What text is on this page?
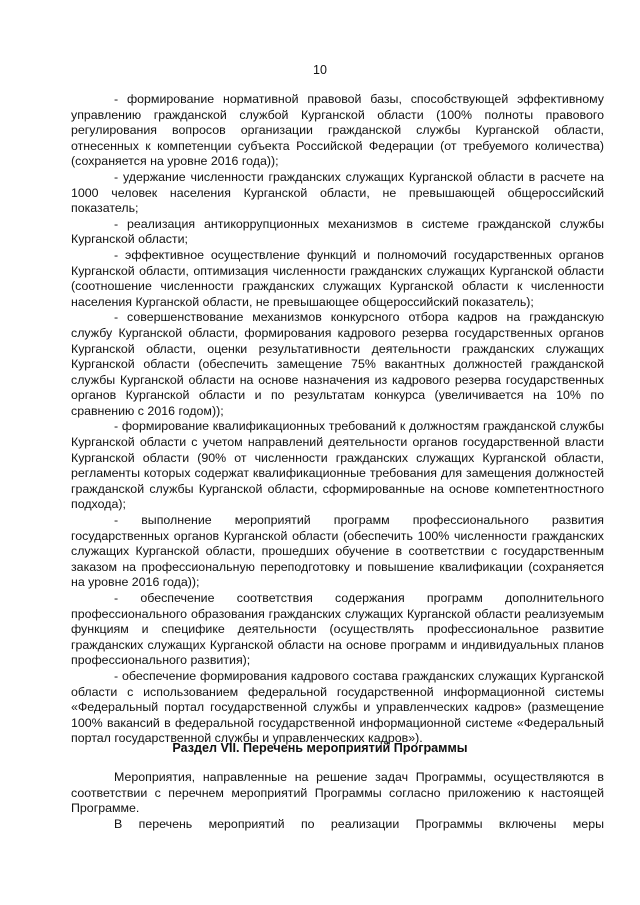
10

- формирование нормативной правовой базы, способствующей эффективному управлению гражданской службой Курганской области (100% полноты правового регулирования вопросов организации гражданской службы Курганской области, отнесенных к компетенции субъекта Российской Федерации (от требуемого количества) (сохраняется на уровне 2016 года));

- удержание численности гражданских служащих Курганской области в расчете на 1000 человек населения Курганской области, не превышающей общероссийский показатель;

- реализация антикоррупционных механизмов в системе гражданской службы Курганской области;

- эффективное осуществление функций и полномочий государственных органов Курганской области, оптимизация численности гражданских служащих Курганской области (соотношение численности гражданских служащих Курганской области к численности населения Курганской области, не превышающее общероссийский показатель);

- совершенствование механизмов конкурсного отбора кадров на гражданскую службу Курганской области, формирования кадрового резерва государственных органов Курганской области, оценки результативности деятельности гражданских служащих Курганской области (обеспечить замещение 75% вакантных должностей гражданской службы Курганской области на основе назначения из кадрового резерва государственных органов Курганской области и по результатам конкурса (увеличивается на 10% по сравнению с 2016 годом));

- формирование квалификационных требований к должностям гражданской службы Курганской области с учетом направлений деятельности органов государственной власти Курганской области (90% от численности гражданских служащих Курганской области, регламенты которых содержат квалификационные требования для замещения должностей гражданской службы Курганской области, сформированные на основе компетентностного подхода);

- выполнение мероприятий программ профессионального развития государственных органов Курганской области (обеспечить 100% численности гражданских служащих Курганской области, прошедших обучение в соответствии с государственным заказом на профессиональную переподготовку и повышение квалификации (сохраняется на уровне 2016 года));

- обеспечение соответствия содержания программ дополнительного профессионального образования гражданских служащих Курганской области реализуемым функциям и специфике деятельности (осуществлять профессиональное развитие гражданских служащих Курганской области на основе программ и индивидуальных планов профессионального развития);

- обеспечение формирования кадрового состава гражданских служащих Курганской области с использованием федеральной государственной информационной системы «Федеральный портал государственной службы и управленческих кадров» (размещение 100% вакансий в федеральной государственной информационной системе «Федеральный портал государственной службы и управленческих кадров»).

Раздел VII. Перечень мероприятий Программы

Мероприятия, направленные на решение задач Программы, осуществляются в соответствии с перечнем мероприятий Программы согласно приложению к настоящей Программе.

В перечень мероприятий по реализации Программы включены меры
